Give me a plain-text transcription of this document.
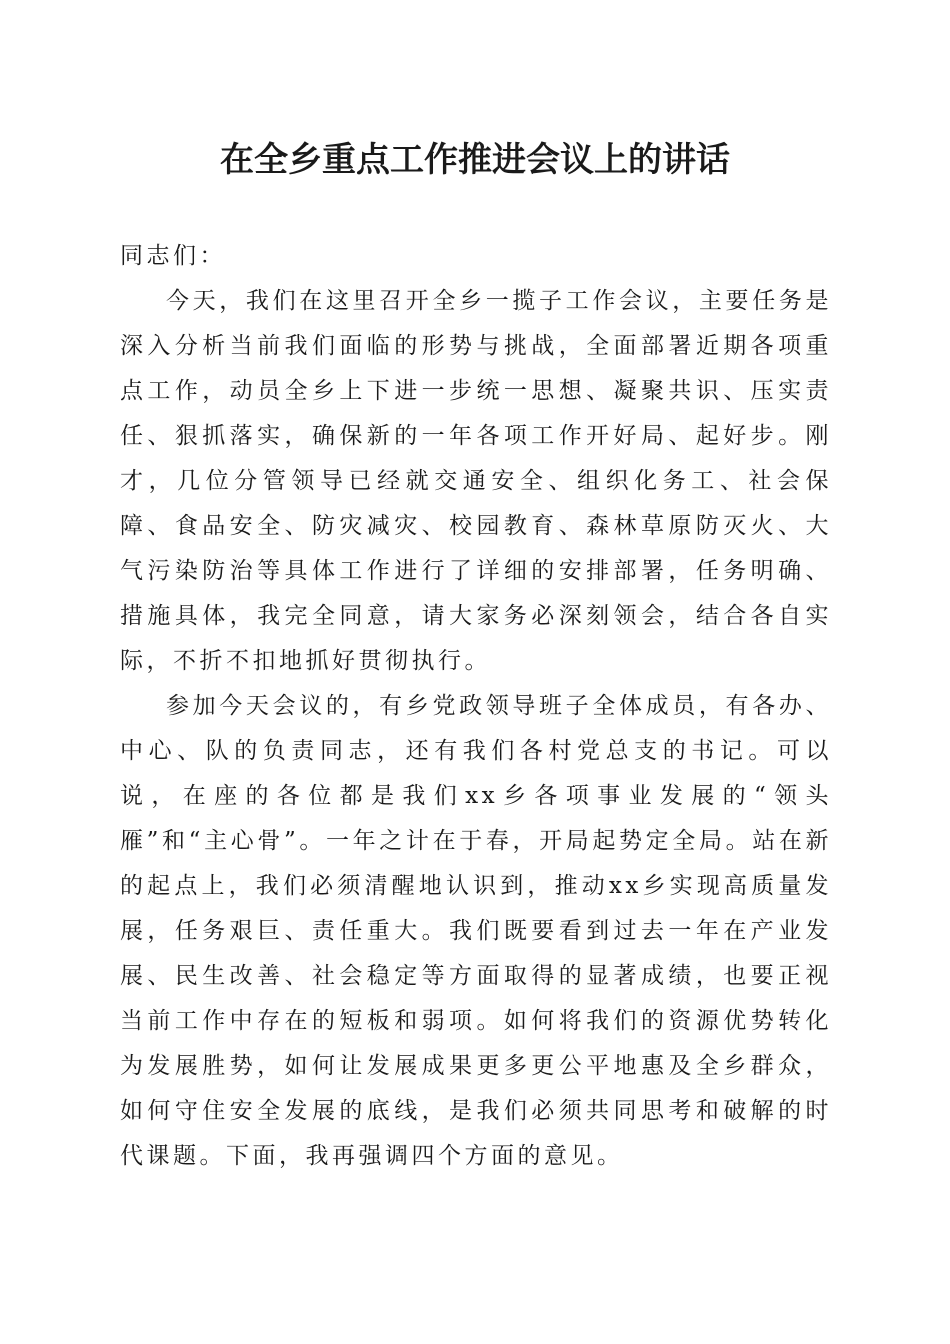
在全乡重点工作推进会议上的讲话

同志们：

今天，我们在这里召开全乡一揽子工作会议，主要任务是深入分析当前我们面临的形势与挑战，全面部署近期各项重点工作，动员全乡上下进一步统一思想、凝聚共识、压实责任、狠抓落实，确保新的一年各项工作开好局、起好步。刚才，几位分管领导已经就交通安全、组织化务工、社会保障、食品安全、防灾减灾、校园教育、森林草原防灭火、大气污染防治等具体工作进行了详细的安排部署，任务明确、措施具体，我完全同意，请大家务必深刻领会，结合各自实际，不折不扣地抓好贯彻执行。

参加今天会议的，有乡党政领导班子全体成员，有各办、中心、队的负责同志，还有我们各村党总支的书记。可以说，在座的各位都是我们xx乡各项事业发展的“领头雁”和“主心骨”。一年之计在于春，开局起势定全局。站在新的起点上，我们必须清醒地认识到，推动xx乡实现高质量发展，任务艰巨、责任重大。我们既要看到过去一年在产业发展、民生改善、社会稳定等方面取得的显著成绩，也要正视当前工作中存在的短板和弱项。如何将我们的资源优势转化为发展胜势，如何让发展成果更多更公平地惠及全乡群众，如何守住安全发展的底线，是我们必须共同思考和破解的时代课题。下面，我再强调四个方面的意见。
